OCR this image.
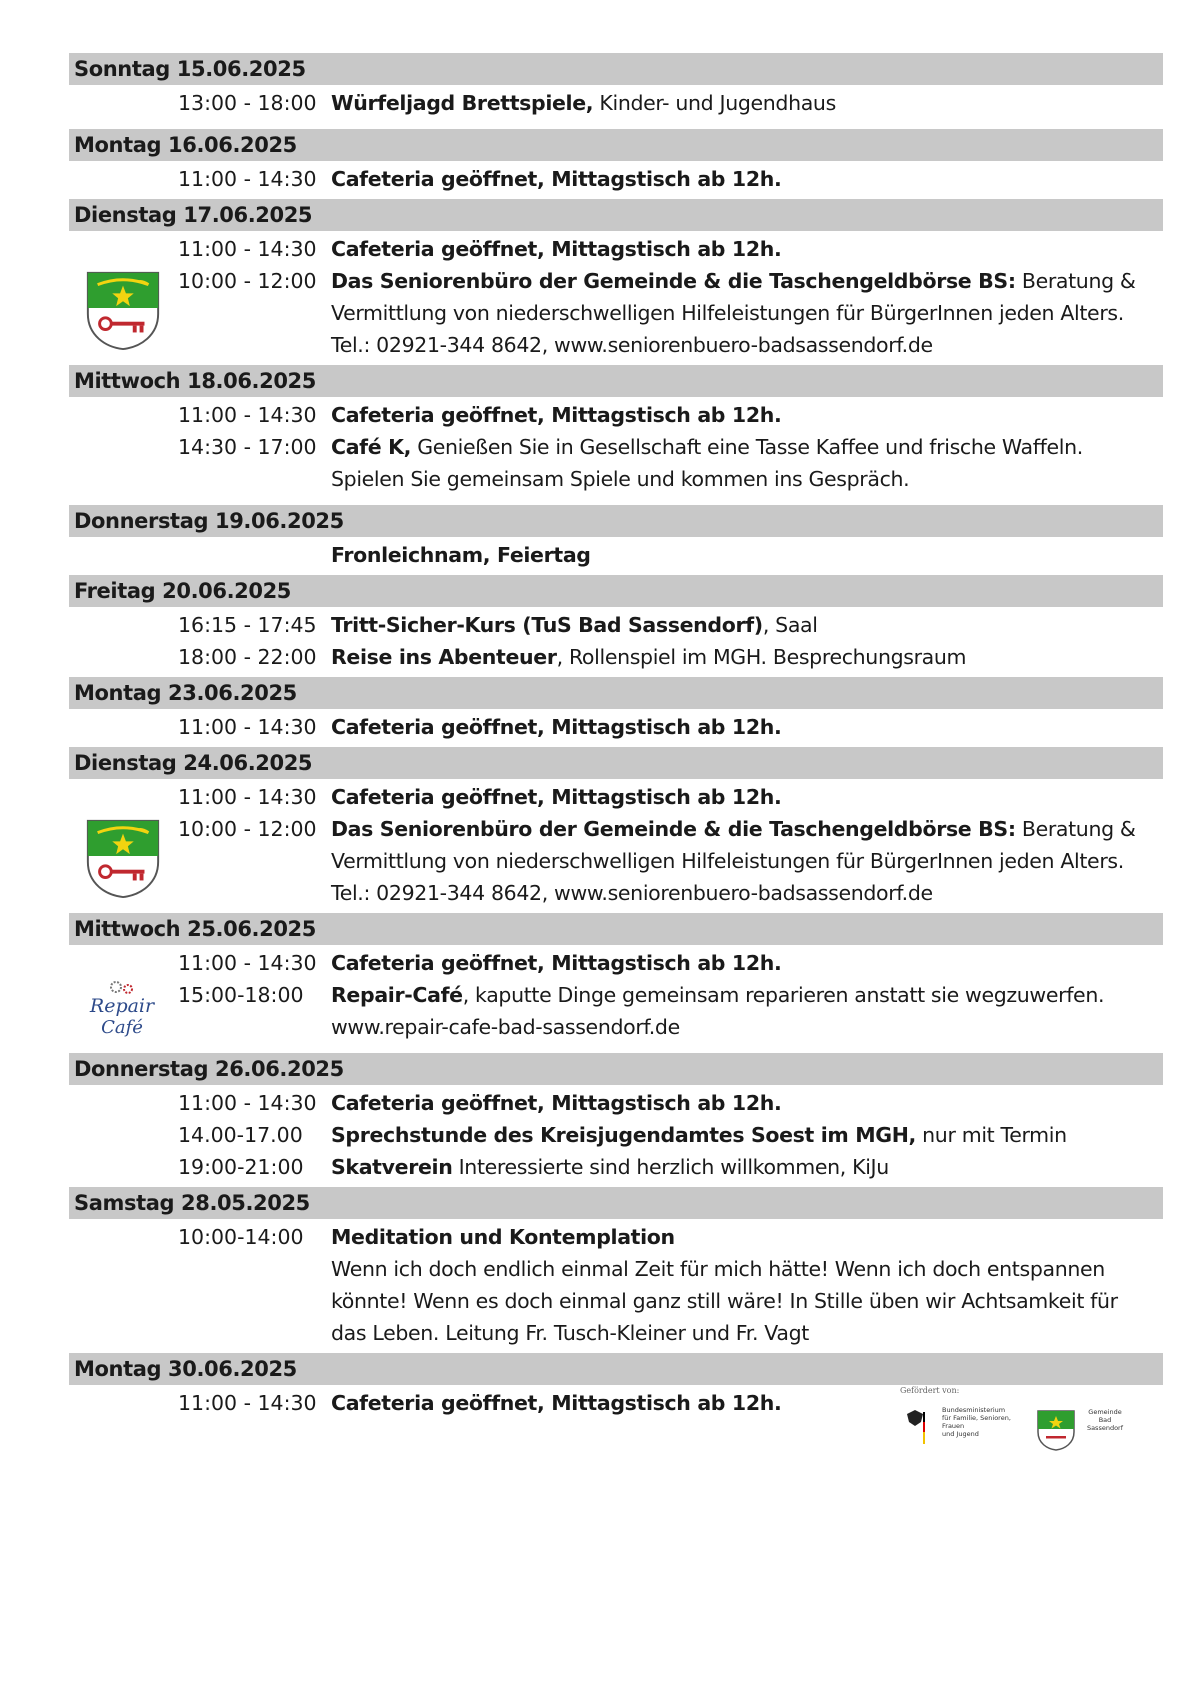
Sonntag 15.06.2025
13:00 - 18:00 Würfeljagd Brettspiele, Kinder- und Jugendhaus
Montag 16.06.2025
11:00 - 14:30 Cafeteria geöffnet, Mittagstisch ab 12h.
Dienstag 17.06.2025
11:00 - 14:30 Cafeteria geöffnet, Mittagstisch ab 12h.
10:00 - 12:00 Das Seniorenbüro der Gemeinde & die Taschengeldbörse BS: Beratung & Vermittlung von niederschwelligen Hilfeleistungen für BürgerInnen jeden Alters. Tel.: 02921-344 8642, www.seniorenbuero-badsassendorf.de
Mittwoch 18.06.2025
11:00 - 14:30 Cafeteria geöffnet, Mittagstisch ab 12h.
14:30 - 17:00 Café K, Genießen Sie in Gesellschaft eine Tasse Kaffee und frische Waffeln. Spielen Sie gemeinsam Spiele und kommen ins Gespräch.
Donnerstag 19.06.2025
Fronleichnam, Feiertag
Freitag 20.06.2025
16:15 - 17:45 Tritt-Sicher-Kurs (TuS Bad Sassendorf), Saal
18:00 - 22:00 Reise ins Abenteuer, Rollenspiel im MGH. Besprechungsraum
Montag 23.06.2025
11:00 - 14:30 Cafeteria geöffnet, Mittagstisch ab 12h.
Dienstag 24.06.2025
11:00 - 14:30 Cafeteria geöffnet, Mittagstisch ab 12h.
10:00 - 12:00 Das Seniorenbüro der Gemeinde & die Taschengeldbörse BS: Beratung & Vermittlung von niederschwelligen Hilfeleistungen für BürgerInnen jeden Alters. Tel.: 02921-344 8642, www.seniorenbuero-badsassendorf.de
Mittwoch 25.06.2025
Repair
Café
11:00 - 14:30 Cafeteria geöffnet, Mittagstisch ab 12h.
15:00-18:00 Repair-Café, kaputte Dinge gemeinsam reparieren anstatt sie wegzuwerfen. www.repair-cafe-bad-sassendorf.de
Donnerstag 26.06.2025
11:00 - 14:30 Cafeteria geöffnet, Mittagstisch ab 12h.
14.00-17.00 Sprechstunde des Kreisjugendamtes Soest im MGH, nur mit Termin
19:00-21:00 Skatverein Interessierte sind herzlich willkommen, KiJu
Samstag 28.05.2025
10:00-14:00 Meditation und Kontemplation
Wenn ich doch endlich einmal Zeit für mich hätte! Wenn ich doch entspannen könnte! Wenn es doch einmal ganz still wäre! In Stille üben wir Achtsamkeit für das Leben. Leitung Fr. Tusch-Kleiner und Fr. Vagt
Montag 30.06.2025
11:00 - 14:30 Cafeteria geöffnet, Mittagstisch ab 12h.
Gefördert von:
Bundesministerium
für Familie, Senioren, Frauen
und Jugend
Gemeinde
Bad
Sassendorf
